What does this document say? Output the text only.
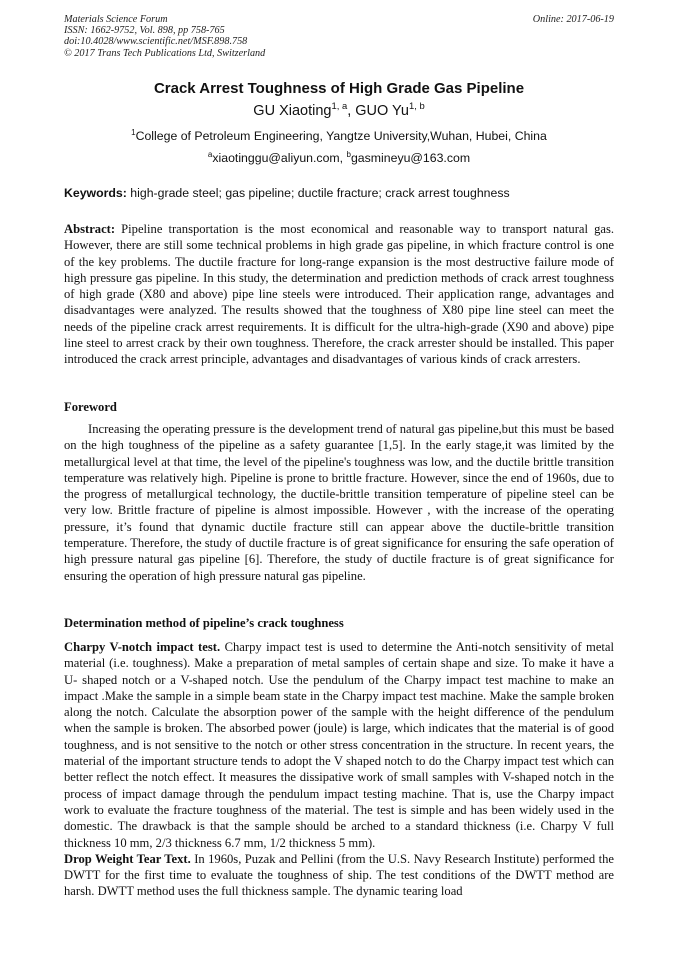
Materials Science Forum
ISSN: 1662-9752, Vol. 898, pp 758-765
doi:10.4028/www.scientific.net/MSF.898.758
© 2017 Trans Tech Publications Ltd, Switzerland
Online: 2017-06-19
Crack Arrest Toughness of High Grade Gas Pipeline
GU Xiaoting$^{1, a}$, GUO Yu$^{1, b}$
$^1$College of Petroleum Engineering, Yangtze University,Wuhan, Hubei, China
$^a$xiaotinggu@aliyun.com, $^b$gasmineyu@163.com
Keywords: high-grade steel; gas pipeline; ductile fracture; crack arrest toughness

Abstract: Pipeline transportation is the most economical and reasonable way to transport natural gas. However, there are still some technical problems in high grade gas pipeline, in which fracture control is one of the key problems. The ductile fracture for long-range expansion is the most destructive failure mode of high pressure gas pipeline. In this study, the determination and prediction methods of crack arrest toughness of high grade (X80 and above) pipe line steels were introduced. Their application range, advantages and disadvantages were analyzed. The results showed that the toughness of X80 pipe line steel can meet the needs of the pipeline crack arrest requirements. It is difficult for the ultra-high-grade (X90 and above) pipe line steel to arrest crack by their own toughness. Therefore, the crack arrester should be installed. This paper introduced the crack arrest principle, advantages and disadvantages of various kinds of crack arresters.

Foreword

Increasing the operating pressure is the development trend of natural gas pipeline,but this must be based on the high toughness of the pipeline as a safety guarantee [1,5]. In the early stage,it was limited by the metallurgical level at that time, the level of the pipeline's toughness was low, and the ductile brittle transition temperature was relatively high. Pipeline is prone to brittle fracture. However, since the end of 1960s, due to the progress of metallurgical technology, the ductile-brittle transition temperature of pipeline steel can be very low. Brittle fracture of pipeline is almost impossible. However , with the increase of the operating pressure, it’s found that dynamic ductile fracture still can appear above the ductile-brittle transition temperature. Therefore, the study of ductile fracture is of great significance for ensuring the safe operation of high pressure natural gas pipeline [6]. Therefore, the study of ductile fracture is of great significance for ensuring the operation of high pressure natural gas pipeline.

Determination method of pipeline’s crack toughness

Charpy V-notch impact test. Charpy impact test is used to determine the Anti-notch sensitivity of metal material (i.e. toughness). Make a preparation of metal samples of certain shape and size. To make it have a U- shaped notch or a V-shaped notch. Use the pendulum of the Charpy impact test machine to make an impact .Make the sample in a simple beam state in the Charpy impact test machine. Make the sample broken along the notch. Calculate the absorption power of the sample with the height difference of the pendulum when the sample is broken. The absorbed power (joule) is large, which indicates that the material is of good toughness, and is not sensitive to the notch or other stress concentration in the structure. In recent years, the material of the important structure tends to adopt the V shaped notch to do the Charpy impact test which can better reflect the notch effect. It measures the dissipative work of small samples with V-shaped notch in the process of impact damage through the pendulum impact testing machine. That is, use the Charpy impact work to evaluate the fracture toughness of the material. The test is simple and has been widely used in the domestic. The drawback is that the sample should be arched to a standard thickness (i.e. Charpy V full thickness 10 mm, 2/3 thickness 6.7 mm, 1/2 thickness 5 mm).

Drop Weight Tear Text. In 1960s, Puzak and Pellini (from the U.S. Navy Research Institute) performed the DWTT for the first time to evaluate the toughness of ship. The test conditions of the DWTT method are harsh. DWTT method uses the full thickness sample. The dynamic tearing load
